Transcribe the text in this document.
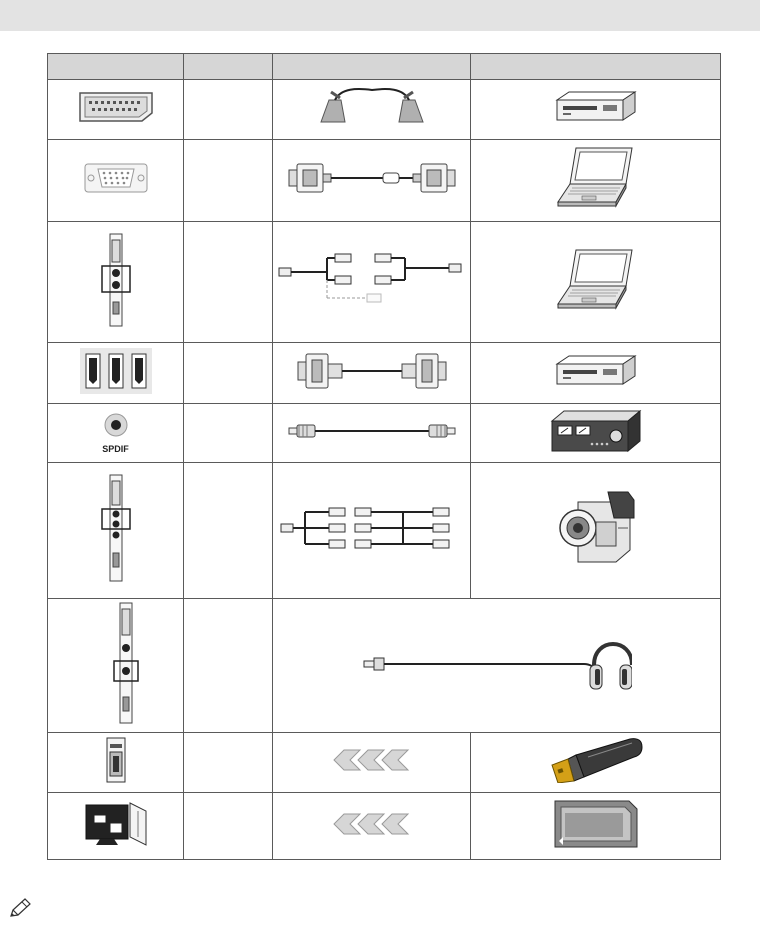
SPDIF
